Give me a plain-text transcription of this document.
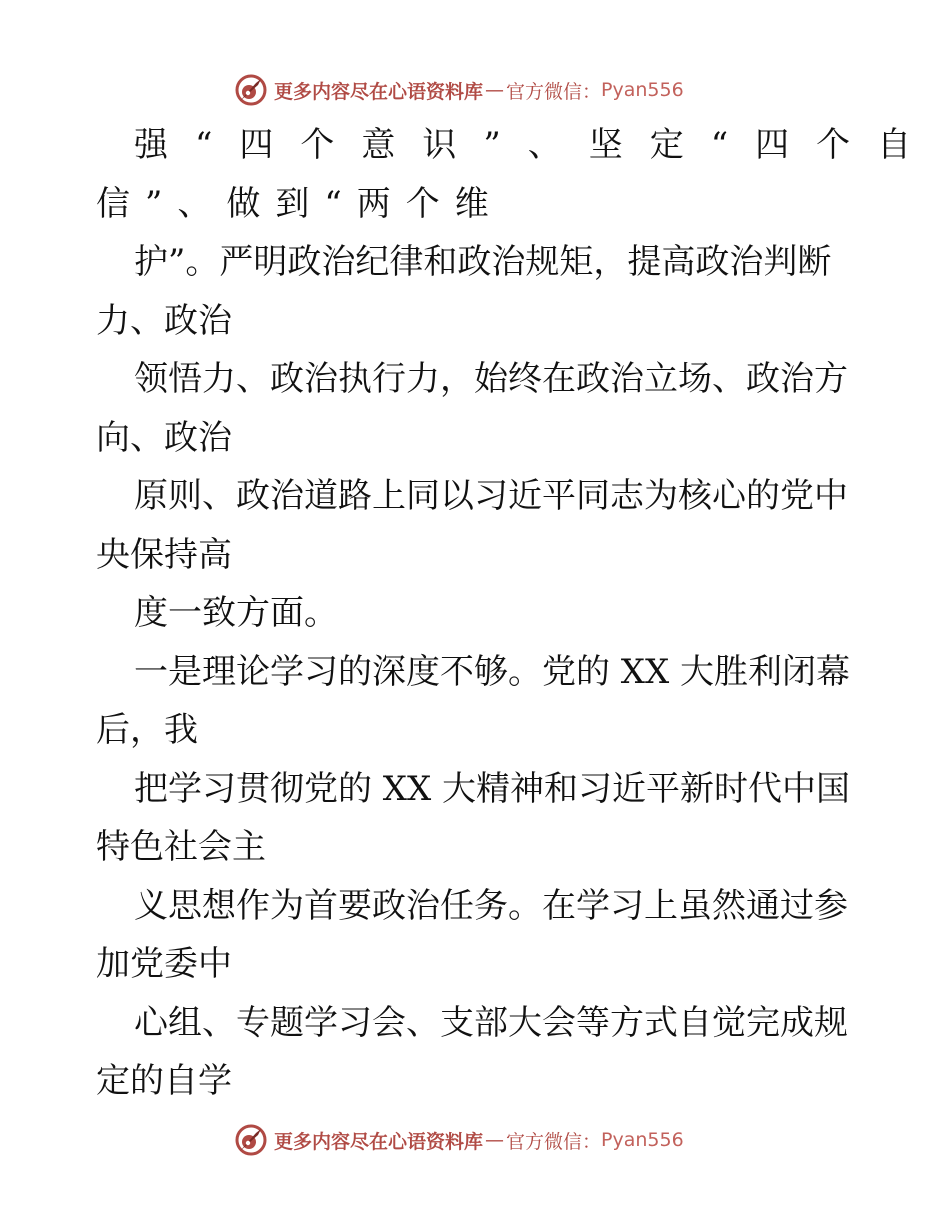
更多内容尽在心语资料库 — 官方微信： Pyan556
强“四个意识”、坚定“四个自
信”、做到“两个维
护”。严明政治纪律和政治规矩，提高政治判断
力、政治
领悟力、政治执行力，始终在政治立场、政治方
向、政治
原则、政治道路上同以习近平同志为核心的党中
央保持高
度一致方面。
一是理论学习的深度不够。党的 XX 大胜利闭幕
后，我
把学习贯彻党的 XX 大精神和习近平新时代中国
特色社会主
义思想作为首要政治任务。在学习上虽然通过参
加党委中
心组、专题学习会、支部大会等方式自觉完成规
定的自学
更多内容尽在心语资料库 — 官方微信： Pyan556
